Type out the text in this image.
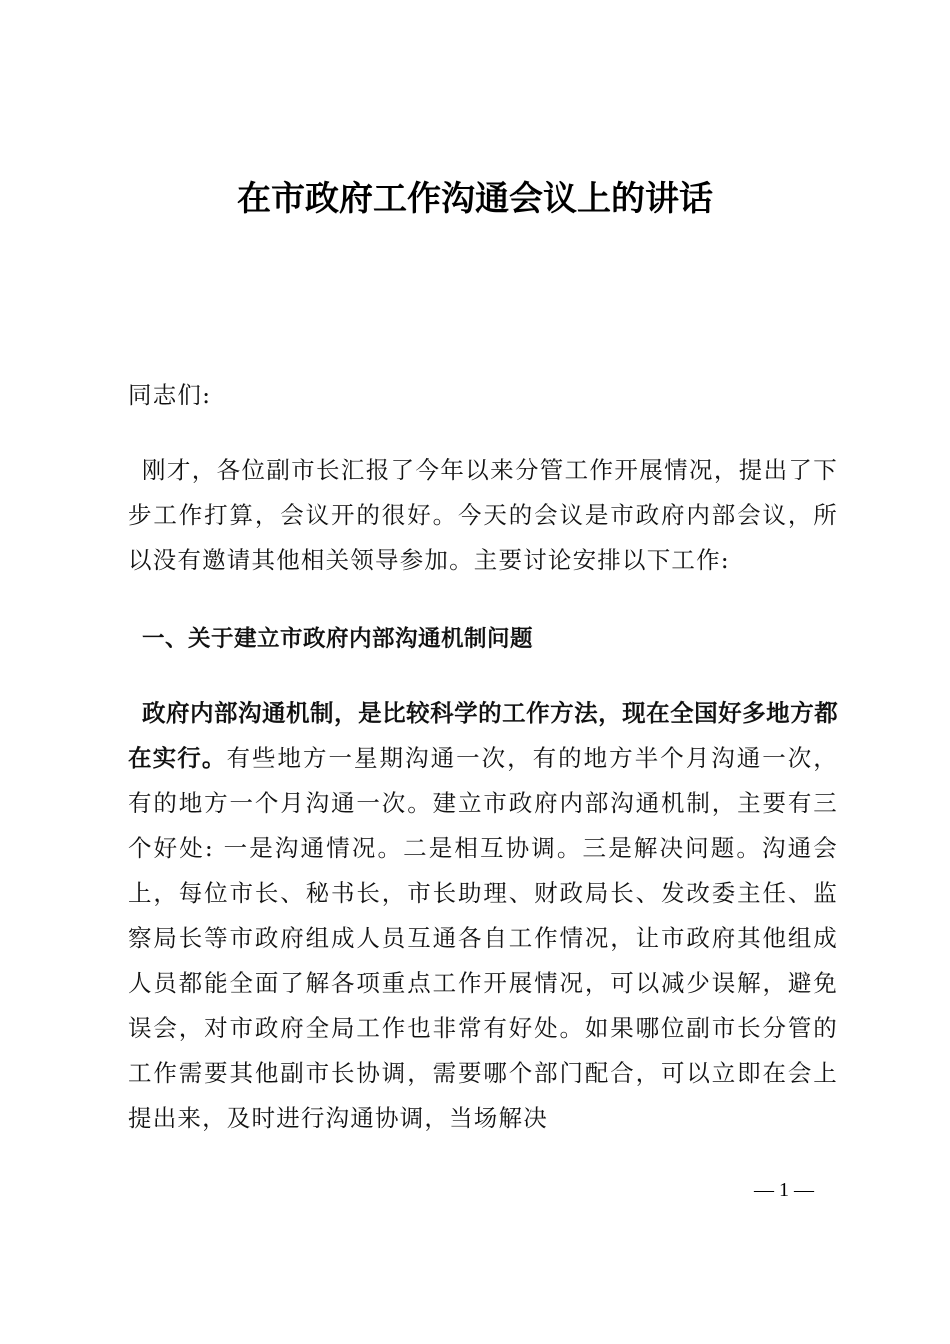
在市政府工作沟通会议上的讲话

同志们:

刚才，各位副市长汇报了今年以来分管工作开展情况，提出了下步工作打算，会议开的很好。今天的会议是市政府内部会议，所以没有邀请其他相关领导参加。主要讨论安排以下工作:

一、关于建立市政府内部沟通机制问题

政府内部沟通机制，是比较科学的工作方法，现在全国好多地方都在实行。有些地方一星期沟通一次，有的地方半个月沟通一次，有的地方一个月沟通一次。建立市政府内部沟通机制，主要有三个好处: 一是沟通情况。二是相互协调。三是解决问题。沟通会上，每位市长、秘书长，市长助理、财政局长、发改委主任、监察局长等市政府组成人员互通各自工作情况，让市政府其他组成人员都能全面了解各项重点工作开展情况，可以减少误解，避免误会，对市政府全局工作也非常有好处。如果哪位副市长分管的工作需要其他副市长协调，需要哪个部门配合，可以立即在会上提出来，及时进行沟通协调，当场解决

— 1 —
